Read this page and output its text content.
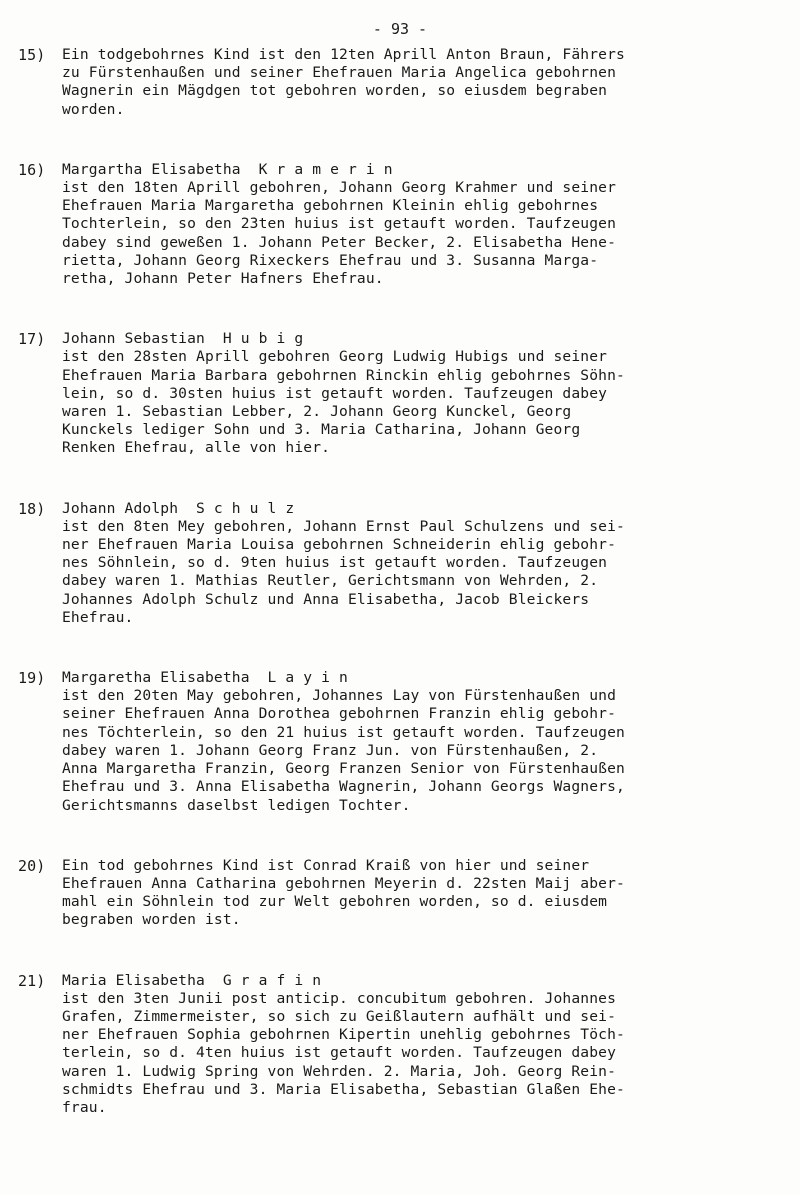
- 93 -
15)	Ein todgebohrnes Kind ist den 12ten Aprill Anton Braun, Fährers
zu Fürstenhaußen und seiner Ehefrauen Maria Angelica gebohrnen
Wagnerin ein Mägdgen tot gebohren worden, so eiusdem begraben
worden.
16)	Margartha Elisabetha  K r a m e r i n
ist den 18ten Aprill gebohren, Johann Georg Krahmer und seiner
Ehefrauen Maria Margaretha gebohrnen Kleinin ehlig gebohrnes
Tochterlein, so den 23ten huius ist getauft worden. Taufzeugen
dabey sind geweßen 1. Johann Peter Becker, 2. Elisabetha Hene-
rietta, Johann Georg Rixeckers Ehefrau und 3. Susanna Marga-
retha, Johann Peter Hafners Ehefrau.
17)	Johann Sebastian  H u b i g
ist den 28sten Aprill gebohren Georg Ludwig Hubigs und seiner
Ehefrauen Maria Barbara gebohrnen Rinckin ehlig gebohrnes Söhn-
lein, so d. 30sten huius ist getauft worden. Taufzeugen dabey
waren 1. Sebastian Lebber, 2. Johann Georg Kunckel, Georg
Kunckels lediger Sohn und 3. Maria Catharina, Johann Georg
Renken Ehefrau, alle von hier.
18)	Johann Adolph  S c h u l z
ist den 8ten Mey gebohren, Johann Ernst Paul Schulzens und sei-
ner Ehefrauen Maria Louisa gebohrnen Schneiderin ehlig gebohr-
nes Söhnlein, so d. 9ten huius ist getauft worden. Taufzeugen
dabey waren 1. Mathias Reutler, Gerichtsmann von Wehrden, 2.
Johannes Adolph Schulz und Anna Elisabetha, Jacob Bleickers
Ehefrau.
19)	Margaretha Elisabetha  L a y i n
ist den 20ten May gebohren, Johannes Lay von Fürstenhaußen und
seiner Ehefrauen Anna Dorothea gebohrnen Franzin ehlig gebohr-
nes Töchterlein, so den 21 huius ist getauft worden. Taufzeugen
dabey waren 1. Johann Georg Franz Jun. von Fürstenhaußen, 2.
Anna Margaretha Franzin, Georg Franzen Senior von Fürstenhaußen
Ehefrau und 3. Anna Elisabetha Wagnerin, Johann Georgs Wagners,
Gerichtsmanns daselbst ledigen Tochter.
20)	Ein tod gebohrnes Kind ist Conrad Kraiß von hier und seiner
Ehefrauen Anna Catharina gebohrnen Meyerin d. 22sten Maij aber-
mahl ein Söhnlein tod zur Welt gebohren worden, so d. eiusdem
begraben worden ist.
21)	Maria Elisabetha  G r a f i n
ist den 3ten Junii post anticip. concubitum gebohren. Johannes
Grafen, Zimmermeister, so sich zu Geißlautern aufhält und sei-
ner Ehefrauen Sophia gebohrnen Kipertin unehlig gebohrnes Töch-
terlein, so d. 4ten huius ist getauft worden. Taufzeugen dabey
waren 1. Ludwig Spring von Wehrden. 2. Maria, Joh. Georg Rein-
schmidts Ehefrau und 3. Maria Elisabetha, Sebastian Glaßen Ehe-
frau.
